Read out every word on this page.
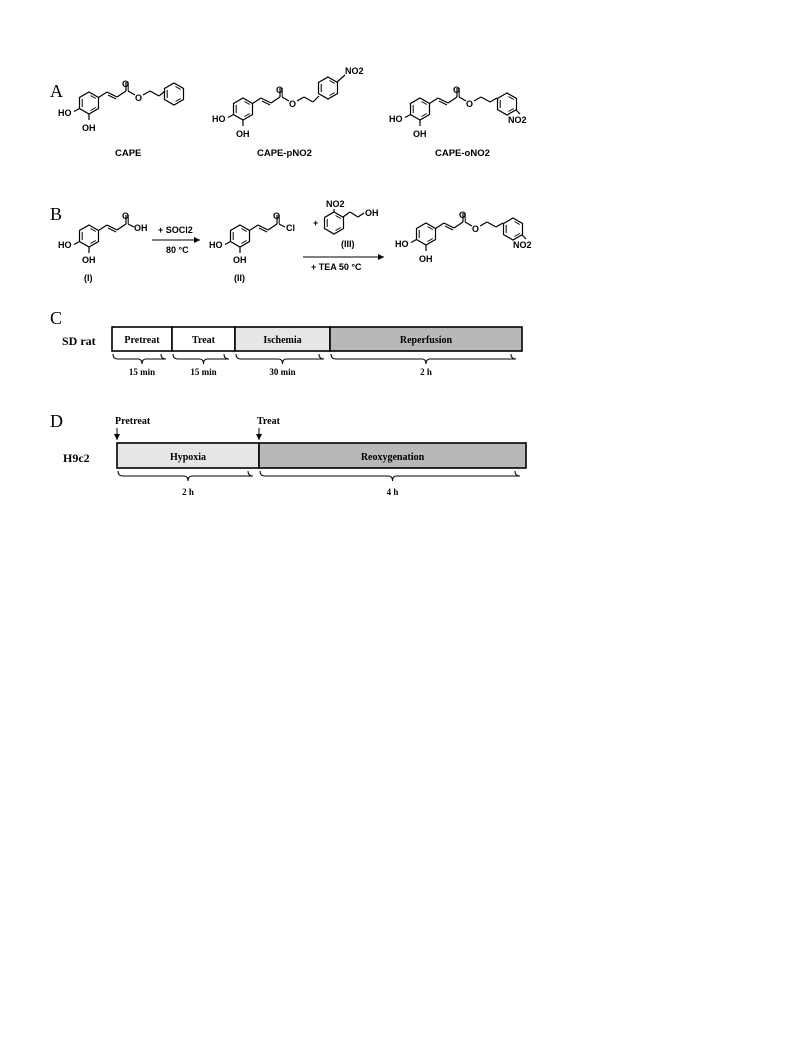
A	O
O
HO
OH
CAPE
O
O
NO2
HO
OH
CAPE-pNO2
O
O
NO2
HO
OH
CAPE-oNO2
B	O
OH
HO
OH
(I)
+ SOCl2
80 °C
O
Cl
HO
OH
(II)
+
NO2
OH
(III)
+ TEA 50 °C
O
O
NO2
HO
OH
C
SD rat	Pretreat
15 min
Treat
15 min
Ischemia
30 min
Reperfusion
2 h
D
H9c2	Hypoxia
2 h
Reoxygenation
4 h
Pretreat	Treat
